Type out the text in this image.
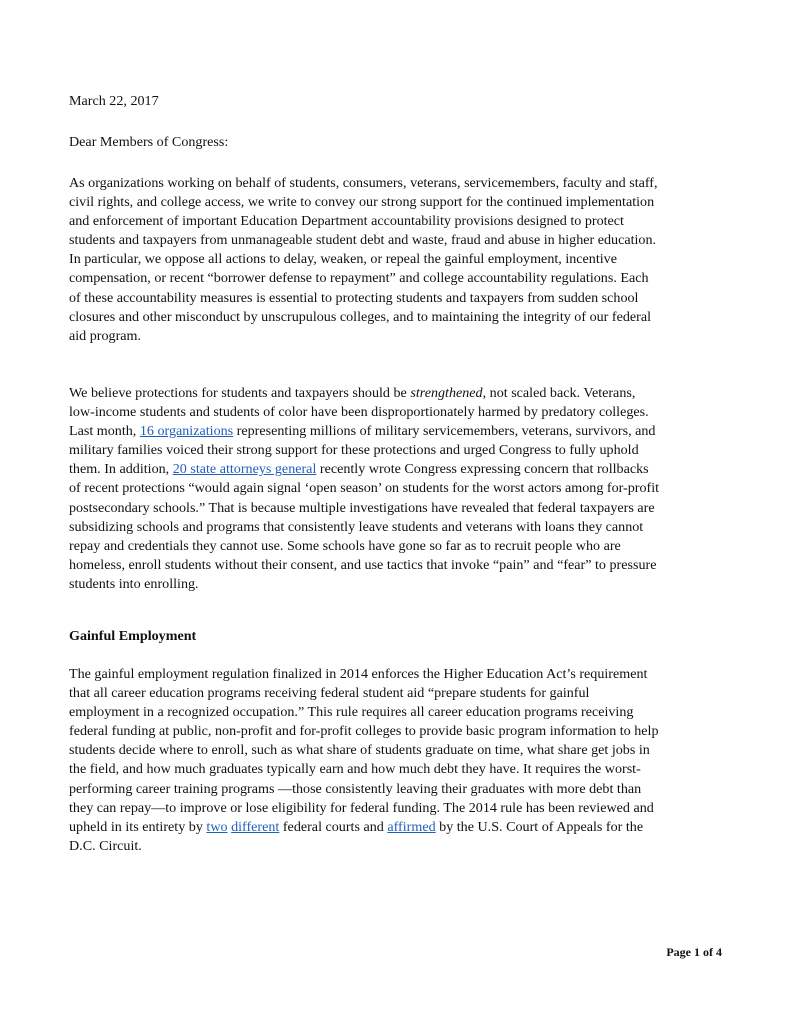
March 22, 2017
Dear Members of Congress:
As organizations working on behalf of students, consumers, veterans, servicemembers, faculty and staff,
civil rights, and college access, we write to convey our strong support for the continued implementation
and enforcement of important Education Department accountability provisions designed to protect
students and taxpayers from unmanageable student debt and waste, fraud and abuse in higher education.
In particular, we oppose all actions to delay, weaken, or repeal the gainful employment, incentive
compensation, or recent “borrower defense to repayment” and college accountability regulations. Each
of these accountability measures is essential to protecting students and taxpayers from sudden school
closures and other misconduct by unscrupulous colleges, and to maintaining the integrity of our federal
aid program.
We believe protections for students and taxpayers should be strengthened, not scaled back. Veterans,
low-income students and students of color have been disproportionately harmed by predatory colleges.
Last month, 16 organizations representing millions of military servicemembers, veterans, survivors, and
military families voiced their strong support for these protections and urged Congress to fully uphold
them. In addition, 20 state attorneys general recently wrote Congress expressing concern that rollbacks
of recent protections “would again signal ‘open season’ on students for the worst actors among for-profit
postsecondary schools.” That is because multiple investigations have revealed that federal taxpayers are
subsidizing schools and programs that consistently leave students and veterans with loans they cannot
repay and credentials they cannot use. Some schools have gone so far as to recruit people who are
homeless, enroll students without their consent, and use tactics that invoke “pain” and “fear” to pressure
students into enrolling.
Gainful Employment
The gainful employment regulation finalized in 2014 enforces the Higher Education Act’s requirement
that all career education programs receiving federal student aid “prepare students for gainful
employment in a recognized occupation.” This rule requires all career education programs receiving
federal funding at public, non-profit and for-profit colleges to provide basic program information to help
students decide where to enroll, such as what share of students graduate on time, what share get jobs in
the field, and how much graduates typically earn and how much debt they have. It requires the worst-
performing career training programs —those consistently leaving their graduates with more debt than
they can repay—to improve or lose eligibility for federal funding. The 2014 rule has been reviewed and
upheld in its entirety by two different federal courts and affirmed by the U.S. Court of Appeals for the
D.C. Circuit.
Page 1 of 4
